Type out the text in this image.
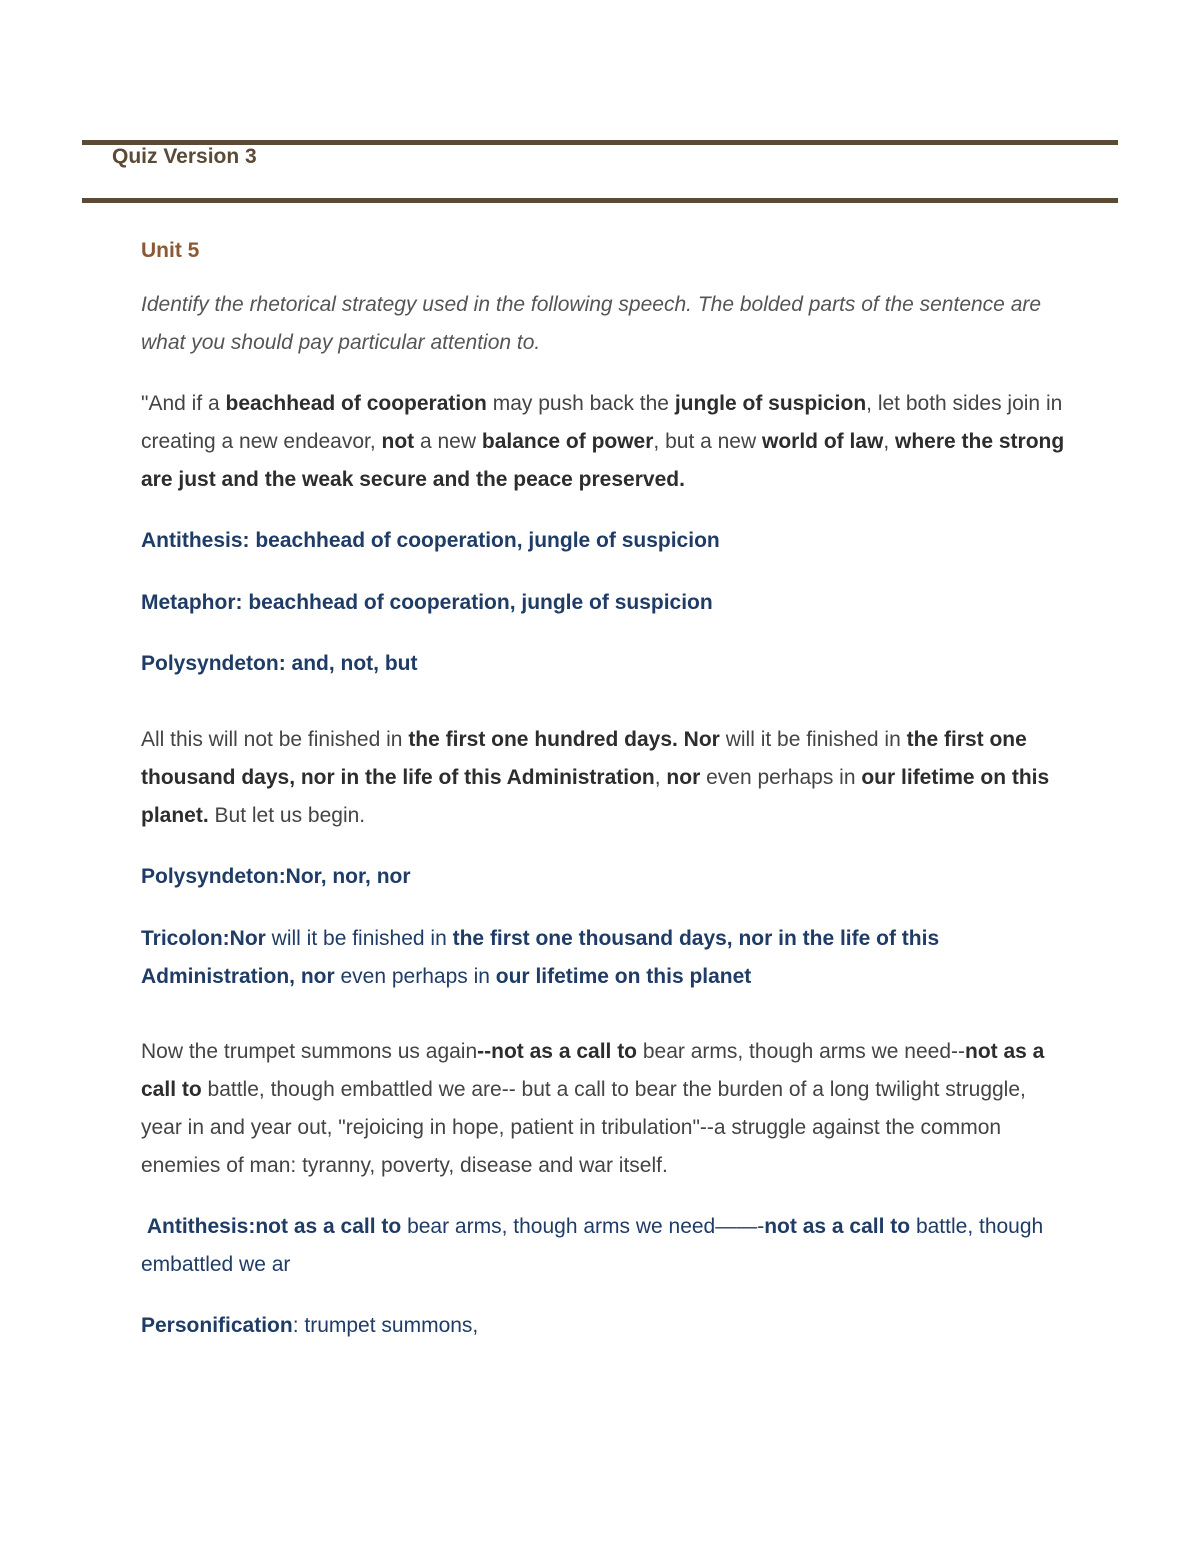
Quiz Version 3
Unit 5

Identify the rhetorical strategy used in the following speech. The bolded parts of the sentence are what you should pay particular attention to.

"And if a beachhead of cooperation may push back the jungle of suspicion, let both sides join in creating a new endeavor, not a new balance of power, but a new world of law, where the strong are just and the weak secure and the peace preserved.

Antithesis: beachhead of cooperation, jungle of suspicion

Metaphor: beachhead of cooperation, jungle of suspicion

Polysyndeton: and, not, but

All this will not be finished in the first one hundred days. Nor will it be finished in the first one thousand days, nor in the life of this Administration, nor even perhaps in our lifetime on this planet. But let us begin.

Polysyndeton:Nor, nor, nor

Tricolon:Nor will it be finished in the first one thousand days, nor in the life of this Administration, nor even perhaps in our lifetime on this planet

Now the trumpet summons us again--not as a call to bear arms, though arms we need--not as a call to battle, though embattled we are-- but a call to bear the burden of a long twilight struggle, year in and year out, "rejoicing in hope, patient in tribulation"--a struggle against the common enemies of man: tyranny, poverty, disease and war itself.

Antithesis:not as a call to bear arms, though arms we need——-not as a call to battle, though embattled we ar

Personification: trumpet summons,
